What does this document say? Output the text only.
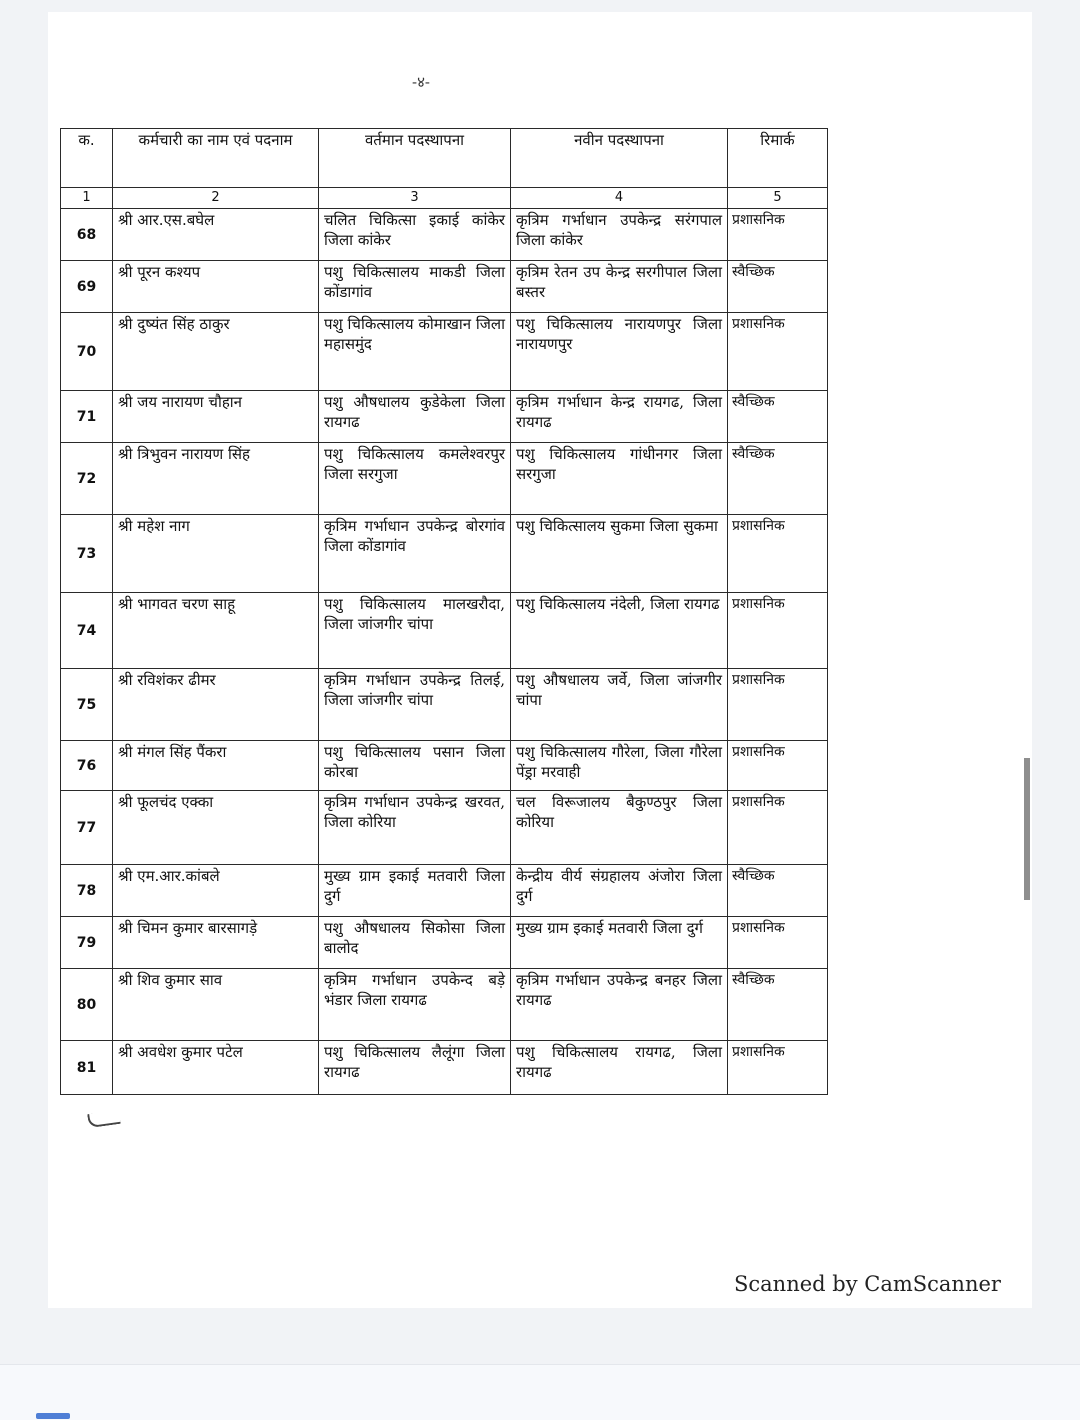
-४-
क.	कर्मचारी का नाम एवं पदनाम	वर्तमान पदस्थापना	नवीन पदस्थापना	रिमार्क
1	2	3	4	5
68	श्री आर.एस.बघेल	चलित चिकित्सा इकाई कांकेर जिला कांकेर	कृत्रिम गर्भाधान उपकेन्द्र सरंगपाल जिला कांकेर	प्रशासनिक
69	श्री पूरन कश्यप	पशु चिकित्सालय माकडी जिला कोंडागांव	कृत्रिम रेतन उप केन्द्र सरगीपाल जिला बस्तर	स्वैच्छिक
70	श्री दुष्यंत सिंह ठाकुर	पशु चिकित्सालय कोमाखान जिला महासमुंद	पशु चिकित्सालय नारायणपुर जिला नारायणपुर	प्रशासनिक
71	श्री जय नारायण चौहान	पशु औषधालय कुडेकेला जिला रायगढ	कृत्रिम गर्भाधान केन्द्र रायगढ, जिला रायगढ	स्वैच्छिक
72	श्री त्रिभुवन नारायण सिंह	पशु चिकित्सालय कमलेश्वरपुर जिला सरगुजा	पशु चिकित्सालय गांधीनगर जिला सरगुजा	स्वैच्छिक
73	श्री महेश नाग	कृत्रिम गर्भाधान उपकेन्द्र बोरगांव जिला कोंडागांव	पशु चिकित्सालय सुकमा जिला सुकमा	प्रशासनिक
74	श्री भागवत चरण साहू	पशु चिकित्सालय मालखरौदा, जिला जांजगीर चांपा	पशु चिकित्सालय नंदेली, जिला रायगढ	प्रशासनिक
75	श्री रविशंकर ढीमर	कृत्रिम गर्भाधान उपकेन्द्र तिलई, जिला जांजगीर चांपा	पशु औषधालय जर्वे, जिला जांजगीर चांपा	प्रशासनिक
76	श्री मंगल सिंह पैंकरा	पशु चिकित्सालय पसान जिला कोरबा	पशु चिकित्सालय गौरेला, जिला गौरेला पेंड्रा मरवाही	प्रशासनिक
77	श्री फूलचंद एक्का	कृत्रिम गर्भाधान उपकेन्द्र खरवत, जिला कोरिया	चल विरूजालय बैकुण्ठपुर जिला कोरिया	प्रशासनिक
78	श्री एम.आर.कांबले	मुख्य ग्राम इकाई मतवारी जिला दुर्ग	केन्द्रीय वीर्य संग्रहालय अंजोरा जिला दुर्ग	स्वैच्छिक
79	श्री चिमन कुमार बारसागड़े	पशु औषधालय सिकोसा जिला बालोद	मुख्य ग्राम इकाई मतवारी जिला दुर्ग	प्रशासनिक
80	श्री शिव कुमार साव	कृत्रिम गर्भाधान उपकेन्द बड़े भंडार जिला रायगढ	कृत्रिम गर्भाधान उपकेन्द्र बनहर जिला रायगढ	स्वैच्छिक
81	श्री अवधेश कुमार पटेल	पशु चिकित्सालय लैलूंगा जिला रायगढ	पशु चिकित्सालय रायगढ, जिला रायगढ	प्रशासनिक
Scanned by CamScanner
